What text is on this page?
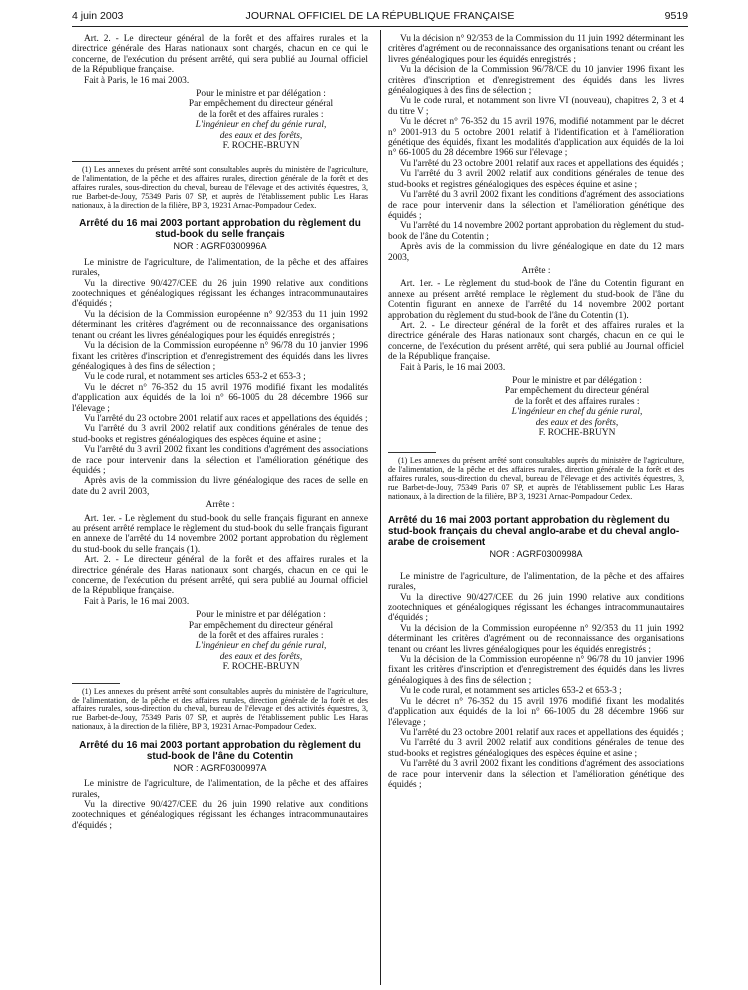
4 juin 2003	JOURNAL OFFICIEL DE LA RÉPUBLIQUE FRANÇAISE	9519

Art. 2. - Le directeur général de la forêt et des affaires rurales et la directrice générale des Haras nationaux sont chargés, chacun en ce qui le concerne, de l'exécution du présent arrêté, qui sera publié au Journal officiel de la République française.

Fait à Paris, le 16 mai 2003.

Pour le ministre et par délégation :
Par empêchement du directeur général
de la forêt et des affaires rurales :
L'ingénieur en chef du génie rural,
des eaux et des forêts,
F. ROCHE-BRUYN

(1) Les annexes du présent arrêté sont consultables auprès du ministère de l'agriculture, de l'alimentation, de la pêche et des affaires rurales, direction générale de la forêt et des affaires rurales, sous-direction du cheval, bureau de l'élevage et des activités équestres, 3, rue Barbet-de-Jouy, 75349 Paris 07 SP, et auprès de l'établissement public Les Haras nationaux, à la direction de la filière, BP 3, 19231 Arnac-Pompadour Cedex.

Arrêté du 16 mai 2003 portant approbation du règlement du stud-book du selle français
NOR : AGRF0300996A

Le ministre de l'agriculture, de l'alimentation, de la pêche et des affaires rurales,

Vu la directive 90/427/CEE du 26 juin 1990 relative aux conditions zootechniques et généalogiques régissant les échanges intracommunautaires d'équidés ;

Vu la décision de la Commission européenne n° 92/353 du 11 juin 1992 déterminant les critères d'agrément ou de reconnaissance des organisations tenant ou créant les livres généalogiques pour les équidés enregistrés ;

Vu la décision de la Commission européenne n° 96/78 du 10 janvier 1996 fixant les critères d'inscription et d'enregistrement des équidés dans les livres généalogiques à des fins de sélection ;

Vu le code rural, et notamment ses articles 653-2 et 653-3 ;

Vu le décret n° 76-352 du 15 avril 1976 modifié fixant les modalités d'application aux équidés de la loi n° 66-1005 du 28 décembre 1966 sur l'élevage ;

Vu l'arrêté du 23 octobre 2001 relatif aux races et appellations des équidés ;

Vu l'arrêté du 3 avril 2002 relatif aux conditions générales de tenue des stud-books et registres généalogiques des espèces équine et asine ;

Vu l'arrêté du 3 avril 2002 fixant les conditions d'agrément des associations de race pour intervenir dans la sélection et l'amélioration génétique des équidés ;

Après avis de la commission du livre généalogique des races de selle en date du 2 avril 2003,

Arrête :

Art. 1er. - Le règlement du stud-book du selle français figurant en annexe au présent arrêté remplace le règlement du stud-book du selle français figurant en annexe de l'arrêté du 14 novembre 2002 portant approbation du règlement du stud-book du selle français (1).

Art. 2. - Le directeur général de la forêt et des affaires rurales et la directrice générale des Haras nationaux sont chargés, chacun en ce qui le concerne, de l'exécution du présent arrêté, qui sera publié au Journal officiel de la République française.

Fait à Paris, le 16 mai 2003.

Pour le ministre et par délégation :
Par empêchement du directeur général
de la forêt et des affaires rurales :
L'ingénieur en chef du génie rural,
des eaux et des forêts,
F. ROCHE-BRUYN

(1) Les annexes du présent arrêté sont consultables auprès du ministère de l'agriculture, de l'alimentation, de la pêche et des affaires rurales, direction générale de la forêt et des affaires rurales, sous-direction du cheval, bureau de l'élevage et des activités équestres, 3, rue Barbet-de-Jouy, 75349 Paris 07 SP, et auprès de l'établissement public Les Haras nationaux, à la direction de la filière, BP 3, 19231 Arnac-Pompadour Cedex.

Arrêté du 16 mai 2003 portant approbation du règlement du stud-book de l'âne du Cotentin
NOR : AGRF0300997A

Le ministre de l'agriculture, de l'alimentation, de la pêche et des affaires rurales,

Vu la directive 90/427/CEE du 26 juin 1990 relative aux conditions zootechniques et généalogiques régissant les échanges intracommunautaires d'équidés ;

Vu la décision n° 92/353 de la Commission du 11 juin 1992 déterminant les critères d'agrément ou de reconnaissance des organisations tenant ou créant les livres généalogiques pour les équidés enregistrés ;

Vu la décision de la Commission 96/78/CE du 10 janvier 1996 fixant les critères d'inscription et d'enregistrement des équidés dans les livres généalogiques à des fins de sélection ;

Vu le code rural, et notamment son livre VI (nouveau), chapitres 2, 3 et 4 du titre V ;

Vu le décret n° 76-352 du 15 avril 1976, modifié notamment par le décret n° 2001-913 du 5 octobre 2001 relatif à l'identification et à l'amélioration génétique des équidés, fixant les modalités d'application aux équidés de la loi n° 66-1005 du 28 décembre 1966 sur l'élevage ;

Vu l'arrêté du 23 octobre 2001 relatif aux races et appellations des équidés ;

Vu l'arrêté du 3 avril 2002 relatif aux conditions générales de tenue des stud-books et registres généalogiques des espèces équine et asine ;

Vu l'arrêté du 3 avril 2002 fixant les conditions d'agrément des associations de race pour intervenir dans la sélection et l'amélioration génétique des équidés ;

Vu l'arrêté du 14 novembre 2002 portant approbation du règlement du stud-book de l'âne du Cotentin ;

Après avis de la commission du livre généalogique en date du 12 mars 2003,

Arrête :

Art. 1er. - Le règlement du stud-book de l'âne du Cotentin figurant en annexe au présent arrêté remplace le règlement du stud-book de l'âne du Cotentin figurant en annexe de l'arrêté du 14 novembre 2002 portant approbation du règlement du stud-book de l'âne du Cotentin (1).

Art. 2. - Le directeur général de la forêt et des affaires rurales et la directrice générale des Haras nationaux sont chargés, chacun en ce qui le concerne, de l'exécution du présent arrêté, qui sera publié au Journal officiel de la République française.

Fait à Paris, le 16 mai 2003.

Pour le ministre et par délégation :
Par empêchement du directeur général
de la forêt et des affaires rurales :
L'ingénieur en chef du génie rural,
des eaux et des forêts,
F. ROCHE-BRUYN

(1) Les annexes du présent arrêté sont consultables auprès du ministère de l'agriculture, de l'alimentation, de la pêche et des affaires rurales, direction générale de la forêt et des affaires rurales, sous-direction du cheval, bureau de l'élevage et des activités équestres, 3, rue Barbet-de-Jouy, 75349 Paris 07 SP, et auprès de l'établissement public Les Haras nationaux, à la direction de la filière, BP 3, 19231 Arnac-Pompadour Cedex.

Arrêté du 16 mai 2003 portant approbation du règlement du stud-book français du cheval anglo-arabe et du cheval anglo-arabe de croisement
NOR : AGRF0300998A

Le ministre de l'agriculture, de l'alimentation, de la pêche et des affaires rurales,

Vu la directive 90/427/CEE du 26 juin 1990 relative aux conditions zootechniques et généalogiques régissant les échanges intracommunautaires d'équidés ;

Vu la décision de la Commission européenne n° 92/353 du 11 juin 1992 déterminant les critères d'agrément ou de reconnaissance des organisations tenant ou créant les livres généalogiques pour les équidés enregistrés ;

Vu la décision de la Commission européenne n° 96/78 du 10 janvier 1996 fixant les critères d'inscription et d'enregistrement des équidés dans les livres généalogiques à des fins de sélection ;

Vu le code rural, et notamment ses articles 653-2 et 653-3 ;

Vu le décret n° 76-352 du 15 avril 1976 modifié fixant les modalités d'application aux équidés de la loi n° 66-1005 du 28 décembre 1966 sur l'élevage ;

Vu l'arrêté du 23 octobre 2001 relatif aux races et appellations des équidés ;

Vu l'arrêté du 3 avril 2002 relatif aux conditions générales de tenue des stud-books et registres généalogiques des espèces équine et asine ;

Vu l'arrêté du 3 avril 2002 fixant les conditions d'agrément des associations de race pour intervenir dans la sélection et l'amélioration génétique des équidés ;
